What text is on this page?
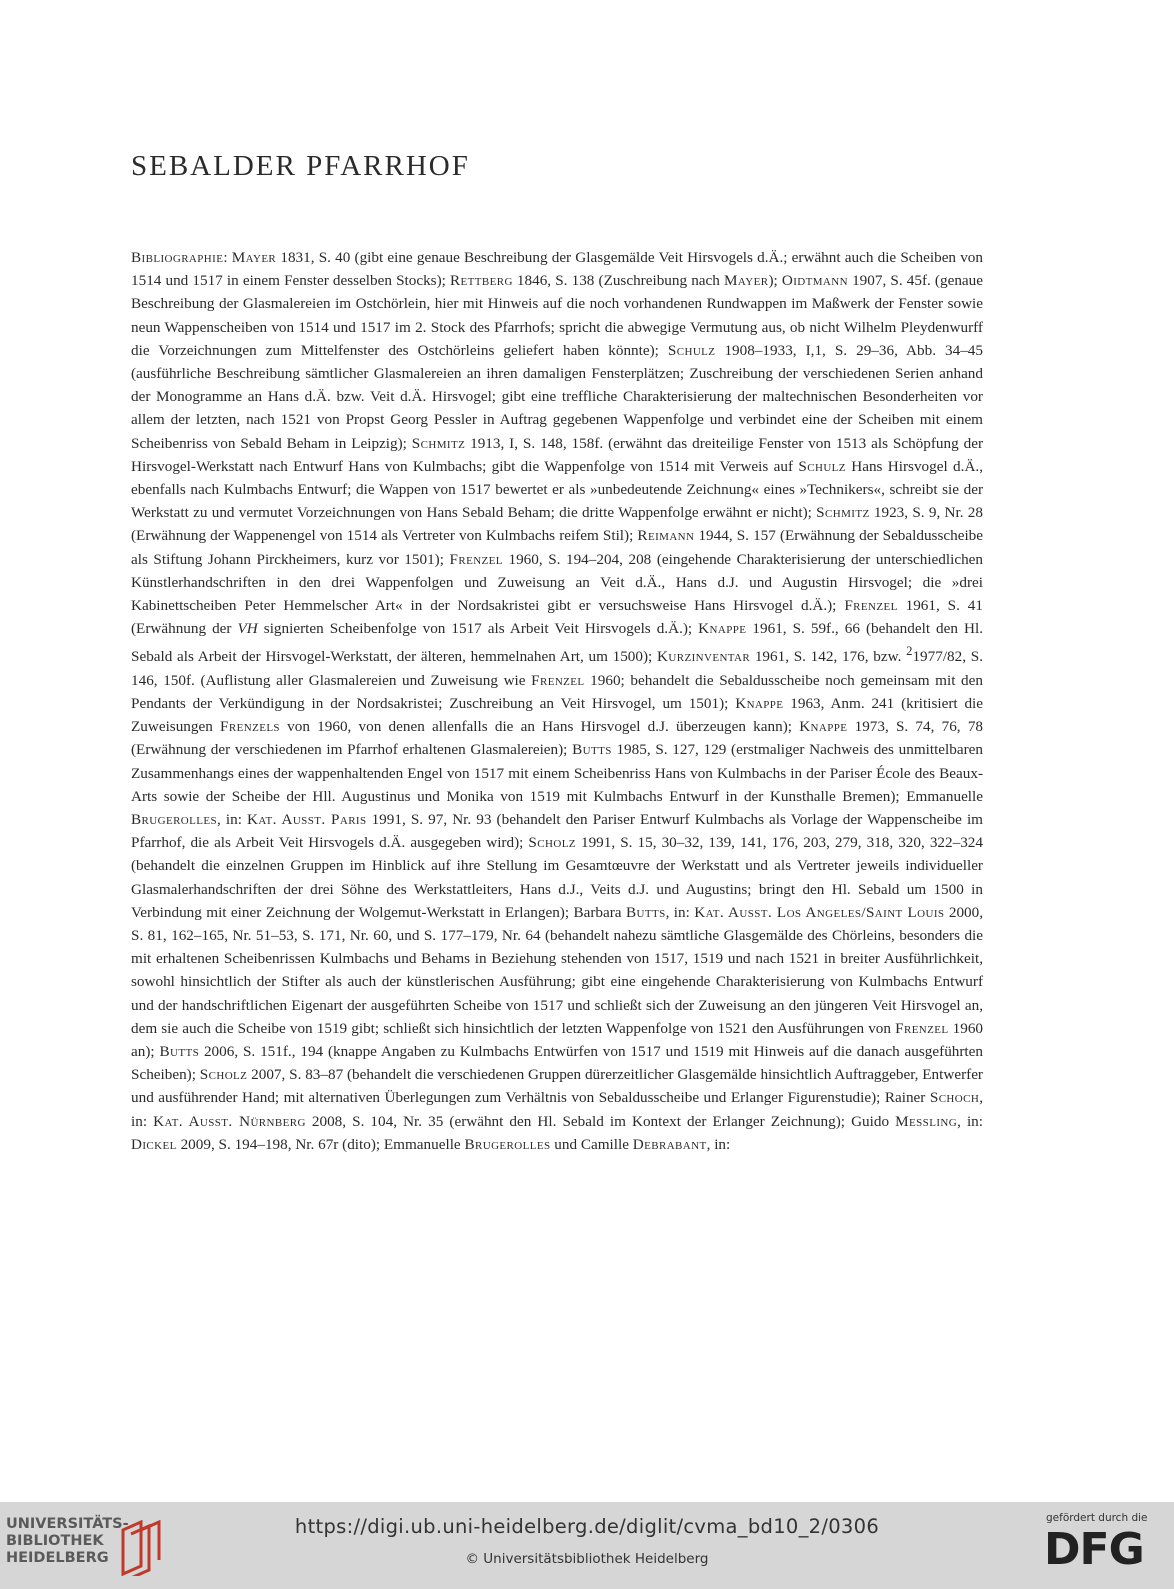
SEBALDER PFARRHOF

Bibliographie: Mayer 1831, S. 40 (gibt eine genaue Beschreibung der Glasgemälde Veit Hirsvogels d.Ä.; erwähnt auch die Scheiben von 1514 und 1517 in einem Fenster desselben Stocks); Rettberg 1846, S. 138 (Zuschreibung nach Mayer); Oidtmann 1907, S. 45f. (genaue Beschreibung der Glasmalereien im Ostchörlein, hier mit Hinweis auf die noch vorhandenen Rundwappen im Maßwerk der Fenster sowie neun Wappenscheiben von 1514 und 1517 im 2. Stock des Pfarrhofs; spricht die abwegige Vermutung aus, ob nicht Wilhelm Pleydenwurff die Vorzeichnungen zum Mittelfenster des Ostchörleins geliefert haben könnte); Schulz 1908–1933, I,1, S. 29–36, Abb. 34–45 (ausführliche Beschreibung sämtlicher Glasmalereien an ihren damaligen Fensterplätzen; Zuschreibung der verschiedenen Serien anhand der Monogramme an Hans d.Ä. bzw. Veit d.Ä. Hirsvogel; gibt eine treffliche Charakterisierung der maltechnischen Besonderheiten vor allem der letzten, nach 1521 von Propst Georg Pessler in Auftrag gegebenen Wappenfolge und verbindet eine der Scheiben mit einem Scheibenriss von Sebald Beham in Leipzig); Schmitz 1913, I, S. 148, 158f. (erwähnt das dreiteilige Fenster von 1513 als Schöpfung der Hirsvogel-Werkstatt nach Entwurf Hans von Kulmbachs; gibt die Wappenfolge von 1514 mit Verweis auf Schulz Hans Hirsvogel d.Ä., ebenfalls nach Kulmbachs Entwurf; die Wappen von 1517 bewertet er als »unbedeutende Zeichnung« eines »Technikers«, schreibt sie der Werkstatt zu und vermutet Vorzeichnungen von Hans Sebald Beham; die dritte Wappenfolge erwähnt er nicht); Schmitz 1923, S. 9, Nr. 28 (Erwähnung der Wappenengel von 1514 als Vertreter von Kulmbachs reifem Stil); Reimann 1944, S. 157 (Erwähnung der Sebaldusscheibe als Stiftung Johann Pirckheimers, kurz vor 1501); Frenzel 1960, S. 194–204, 208 (eingehende Charakterisierung der unterschiedlichen Künstlerhandschriften in den drei Wappenfolgen und Zuweisung an Veit d.Ä., Hans d.J. und Augustin Hirsvogel; die »drei Kabinettscheiben Peter Hemmelscher Art« in der Nordsakristei gibt er versuchsweise Hans Hirsvogel d.Ä.); Frenzel 1961, S. 41 (Erwähnung der VH signierten Scheibenfolge von 1517 als Arbeit Veit Hirsvogels d.Ä.); Knappe 1961, S. 59f., 66 (behandelt den Hl. Sebald als Arbeit der Hirsvogel-Werkstatt, der älteren, hemmelnahen Art, um 1500); Kurzinventar 1961, S. 142, 176, bzw. $^2$1977/82, S. 146, 150f. (Auflistung aller Glasmalereien und Zuweisung wie Frenzel 1960; behandelt die Sebaldusscheibe noch gemeinsam mit den Pendants der Verkündigung in der Nordsakristei; Zuschreibung an Veit Hirsvogel, um 1501); Knappe 1963, Anm. 241 (kritisiert die Zuweisungen Frenzels von 1960, von denen allenfalls die an Hans Hirsvogel d.J. überzeugen kann); Knappe 1973, S. 74, 76, 78 (Erwähnung der verschiedenen im Pfarrhof erhaltenen Glasmalereien); Butts 1985, S. 127, 129 (erstmaliger Nachweis des unmittelbaren Zusammenhangs eines der wappenhaltenden Engel von 1517 mit einem Scheibenriss Hans von Kulmbachs in der Pariser École des Beaux-Arts sowie der Scheibe der Hll. Augustinus und Monika von 1519 mit Kulmbachs Entwurf in der Kunsthalle Bremen); Emmanuelle Brugerolles, in: Kat. Ausst. Paris 1991, S. 97, Nr. 93 (behandelt den Pariser Entwurf Kulmbachs als Vorlage der Wappenscheibe im Pfarrhof, die als Arbeit Veit Hirsvogels d.Ä. ausgegeben wird); Scholz 1991, S. 15, 30–32, 139, 141, 176, 203, 279, 318, 320, 322–324 (behandelt die einzelnen Gruppen im Hinblick auf ihre Stellung im Gesamtœuvre der Werkstatt und als Vertreter jeweils individueller Glasmalerhandschriften der drei Söhne des Werkstattleiters, Hans d.J., Veits d.J. und Augustins; bringt den Hl. Sebald um 1500 in Verbindung mit einer Zeichnung der Wolgemut-Werkstatt in Erlangen); Barbara Butts, in: Kat. Ausst. Los Angeles/Saint Louis 2000, S. 81, 162–165, Nr. 51–53, S. 171, Nr. 60, und S. 177–179, Nr. 64 (behandelt nahezu sämtliche Glasgemälde des Chörleins, besonders die mit erhaltenen Scheibenrissen Kulmbachs und Behams in Beziehung stehenden von 1517, 1519 und nach 1521 in breiter Ausführlichkeit, sowohl hinsichtlich der Stifter als auch der künstlerischen Ausführung; gibt eine eingehende Charakterisierung von Kulmbachs Entwurf und der handschriftlichen Eigenart der ausgeführten Scheibe von 1517 und schließt sich der Zuweisung an den jüngeren Veit Hirsvogel an, dem sie auch die Scheibe von 1519 gibt; schließt sich hinsichtlich der letzten Wappenfolge von 1521 den Ausführungen von Frenzel 1960 an); Butts 2006, S. 151f., 194 (knappe Angaben zu Kulmbachs Entwürfen von 1517 und 1519 mit Hinweis auf die danach ausgeführten Scheiben); Scholz 2007, S. 83–87 (behandelt die verschiedenen Gruppen dürerzeitlicher Glasgemälde hinsichtlich Auftraggeber, Entwerfer und ausführender Hand; mit alternativen Überlegungen zum Verhältnis von Sebaldusscheibe und Erlanger Figurenstudie); Rainer Schoch, in: Kat. Ausst. Nürnberg 2008, S. 104, Nr. 35 (erwähnt den Hl. Sebald im Kontext der Erlanger Zeichnung); Guido Messling, in: Dickel 2009, S. 194–198, Nr. 67r (dito); Emmanuelle Brugerolles und Camille Debrabant, in:

UNIVERSITÄTS-
BIBLIOTHEK
HEIDELBERG
https://digi.ub.uni-heidelberg.de/diglit/cvma_bd10_2/0306
© Universitätsbibliothek Heidelberg
gefördert durch die
DFG
